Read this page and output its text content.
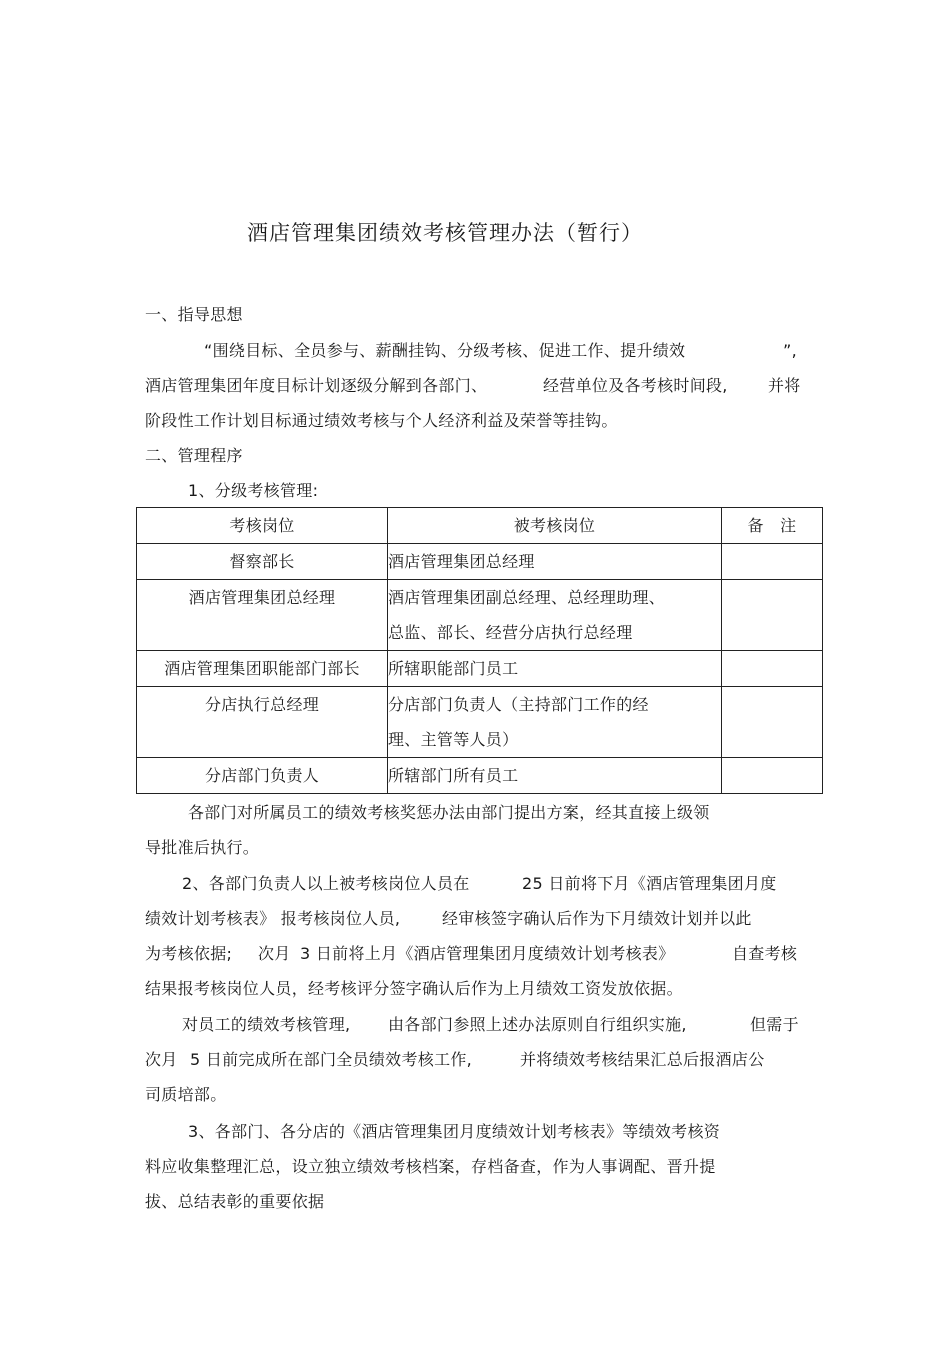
酒店管理集团绩效考核管理办法（暂行）
一、指导思想
“围绕目标、全员参与、薪酬挂钩、分级考核、促进工作、提升绩效	”,
酒店管理集团年度目标计划逐级分解到各部门、	经营单位及各考核时间段,	并将
阶段性工作计划目标通过绩效考核与个人经济利益及荣誉等挂钩。
二、管理程序
1、分级考核管理:
考核岗位	被考核岗位	备　注
督察部长	酒店管理集团总经理	
酒店管理集团总经理	酒店管理集团副总经理、总经理助理、
总监、部长、经营分店执行总经理	

酒店管理集团职能部门部长	所辖职能部门员工	
分店执行总经理	分店部门负责人（主持部门工作的经
理、主管等人员）	

分店部门负责人	所辖部门所有员工	
各部门对所属员工的绩效考核奖惩办法由部门提出方案，经其直接上级领
导批准后执行。
2、各部门负责人以上被考核岗位人员在	25 日前将下月《酒店管理集团月度
绩效计划考核表》 报考核岗位人员,	经审核签字确认后作为下月绩效计划并以此
为考核依据; 次月 3 日前将上月《酒店管理集团月度绩效计划考核表》	自查考核
结果报考核岗位人员，经考核评分签字确认后作为上月绩效工资发放依据。
对员工的绩效考核管理, 由各部门参照上述办法原则自行组织实施,	但需于
次月 5 日前完成所在部门全员绩效考核工作,	并将绩效考核结果汇总后报酒店公
司质培部。
3、各部门、各分店的《酒店管理集团月度绩效计划考核表》等绩效考核资
料应收集整理汇总，设立独立绩效考核档案，存档备查，作为人事调配、晋升提
拔、总结表彰的重要依据
